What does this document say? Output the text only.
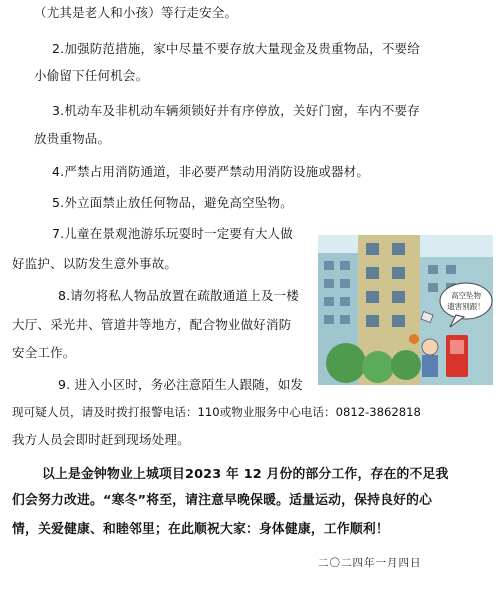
（尤其是老人和小孩）等行走安全。
2.加强防范措施，家中尽量不要存放大量现金及贵重物品，不要给
小偷留下任何机会。
3.机动车及非机动车辆须锁好并有序停放，关好门窗，车内不要存
放贵重物品。
4.严禁占用消防通道，非必要严禁动用消防设施或器材。
5.外立面禁止放任何物品，避免高空坠物。
7.儿童在景观池游乐玩耍时一定要有大人做
好监护、以防发生意外事故。
8.请勿将私人物品放置在疏散通道上及一楼
大厅、采光井、管道井等地方，配合物业做好消防
安全工作。
9. 进入小区时，务必注意陌生人跟随，如发
现可疑人员，请及时拨打报警电话：110或物业服务中心电话：0812-3862818
我方人员会即时赶到现场处理。
以上是金钟物业上城项目2023 年 12 月份的部分工作，存在的不足我
们会努力改进。“寒冬”将至，请注意早晚保暖。适量运动，保持良好的心
情，关爱健康、和睦邻里；在此顺祝大家：身体健康，工作顺利！
二〇二四年一月四日
高空坠物
遗害别跟！
